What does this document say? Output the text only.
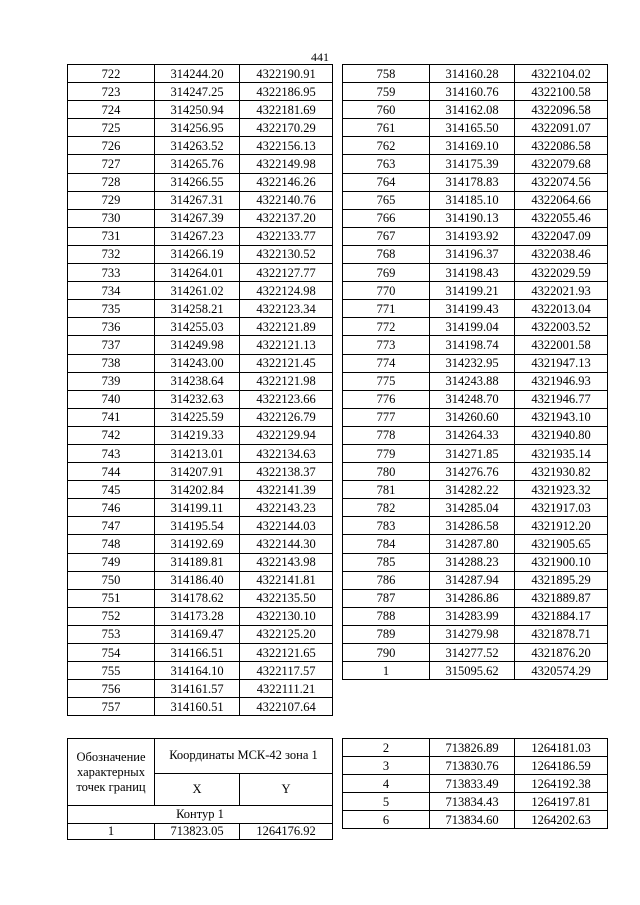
441
722	314244.20	4322190.91
723	314247.25	4322186.95
724	314250.94	4322181.69
725	314256.95	4322170.29
726	314263.52	4322156.13
727	314265.76	4322149.98
728	314266.55	4322146.26
729	314267.31	4322140.76
730	314267.39	4322137.20
731	314267.23	4322133.77
732	314266.19	4322130.52
733	314264.01	4322127.77
734	314261.02	4322124.98
735	314258.21	4322123.34
736	314255.03	4322121.89
737	314249.98	4322121.13
738	314243.00	4322121.45
739	314238.64	4322121.98
740	314232.63	4322123.66
741	314225.59	4322126.79
742	314219.33	4322129.94
743	314213.01	4322134.63
744	314207.91	4322138.37
745	314202.84	4322141.39
746	314199.11	4322143.23
747	314195.54	4322144.03
748	314192.69	4322144.30
749	314189.81	4322143.98
750	314186.40	4322141.81
751	314178.62	4322135.50
752	314173.28	4322130.10
753	314169.47	4322125.20
754	314166.51	4322121.65
755	314164.10	4322117.57
756	314161.57	4322111.21
757	314160.51	4322107.64
758	314160.28	4322104.02
759	314160.76	4322100.58
760	314162.08	4322096.58
761	314165.50	4322091.07
762	314169.10	4322086.58
763	314175.39	4322079.68
764	314178.83	4322074.56
765	314185.10	4322064.66
766	314190.13	4322055.46
767	314193.92	4322047.09
768	314196.37	4322038.46
769	314198.43	4322029.59
770	314199.21	4322021.93
771	314199.43	4322013.04
772	314199.04	4322003.52
773	314198.74	4322001.58
774	314232.95	4321947.13
775	314243.88	4321946.93
776	314248.70	4321946.77
777	314260.60	4321943.10
778	314264.33	4321940.80
779	314271.85	4321935.14
780	314276.76	4321930.82
781	314282.22	4321923.32
782	314285.04	4321917.03
783	314286.58	4321912.20
784	314287.80	4321905.65
785	314288.23	4321900.10
786	314287.94	4321895.29
787	314286.86	4321889.87
788	314283.99	4321884.17
789	314279.98	4321878.71
790	314277.52	4321876.20
1	315095.62	4320574.29
Обозначение характерных точек границ	Координаты МСК-42 зона 1	
	X	Y
Контур 1		
1	713823.05	1264176.92
2	713826.89	1264181.03
3	713830.76	1264186.59
4	713833.49	1264192.38
5	713834.43	1264197.81
6	713834.60	1264202.63
